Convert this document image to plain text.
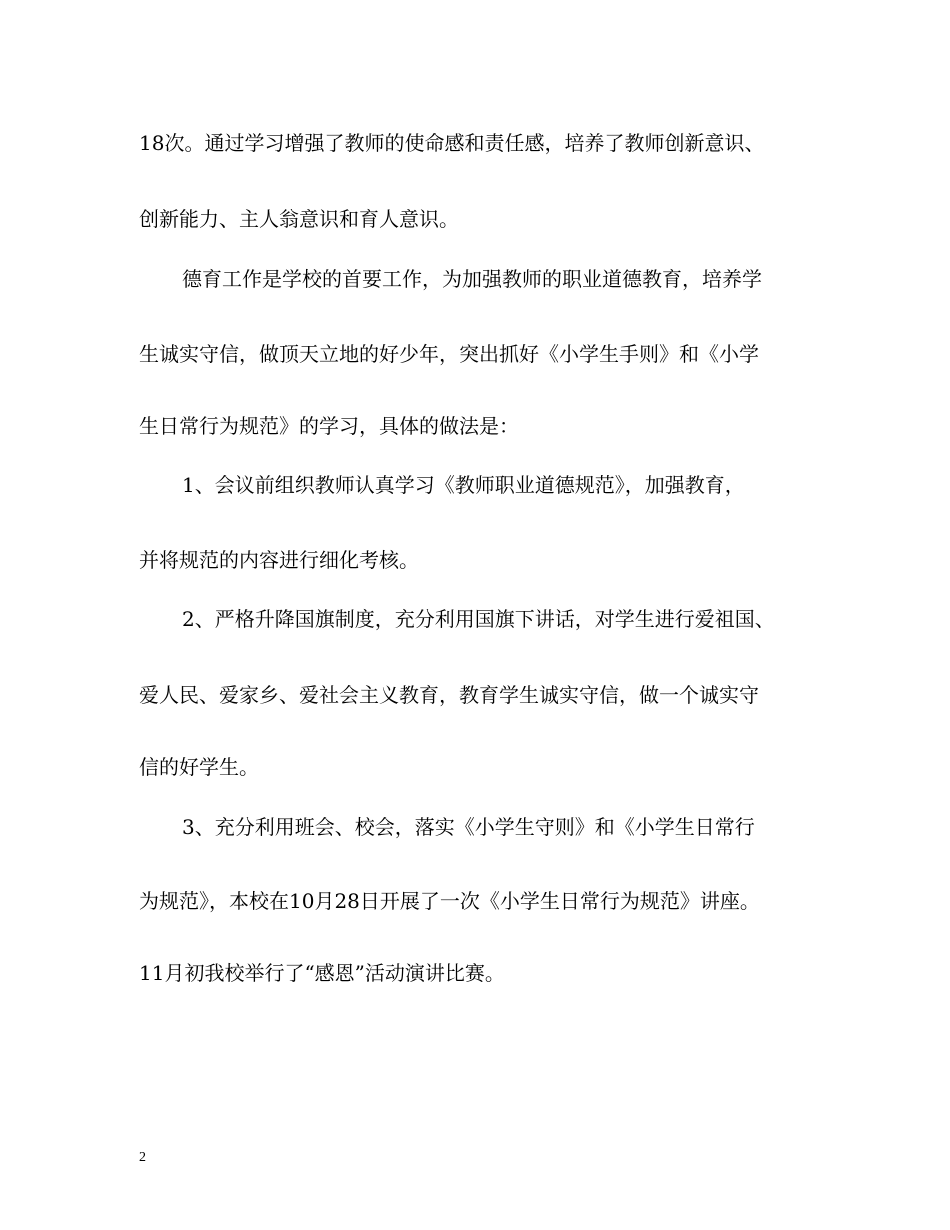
18次。通过学习增强了教师的使命感和责任感，培养了教师创新意识、
创新能力、主人翁意识和育人意识。
德育工作是学校的首要工作，为加强教师的职业道德教育，培养学
生诚实守信，做顶天立地的好少年，突出抓好《小学生手则》和《小学
生日常行为规范》的学习，具体的做法是：
1、会议前组织教师认真学习《教师职业道德规范》，加强教育，
并将规范的内容进行细化考核。
2、严格升降国旗制度，充分利用国旗下讲话，对学生进行爱祖国、
爱人民、爱家乡、爱社会主义教育，教育学生诚实守信，做一个诚实守
信的好学生。
3、充分利用班会、校会，落实《小学生守则》和《小学生日常行
为规范》，本校在10月28日开展了一次《小学生日常行为规范》讲座。
11月初我校举行了“感恩”活动演讲比赛。
2
